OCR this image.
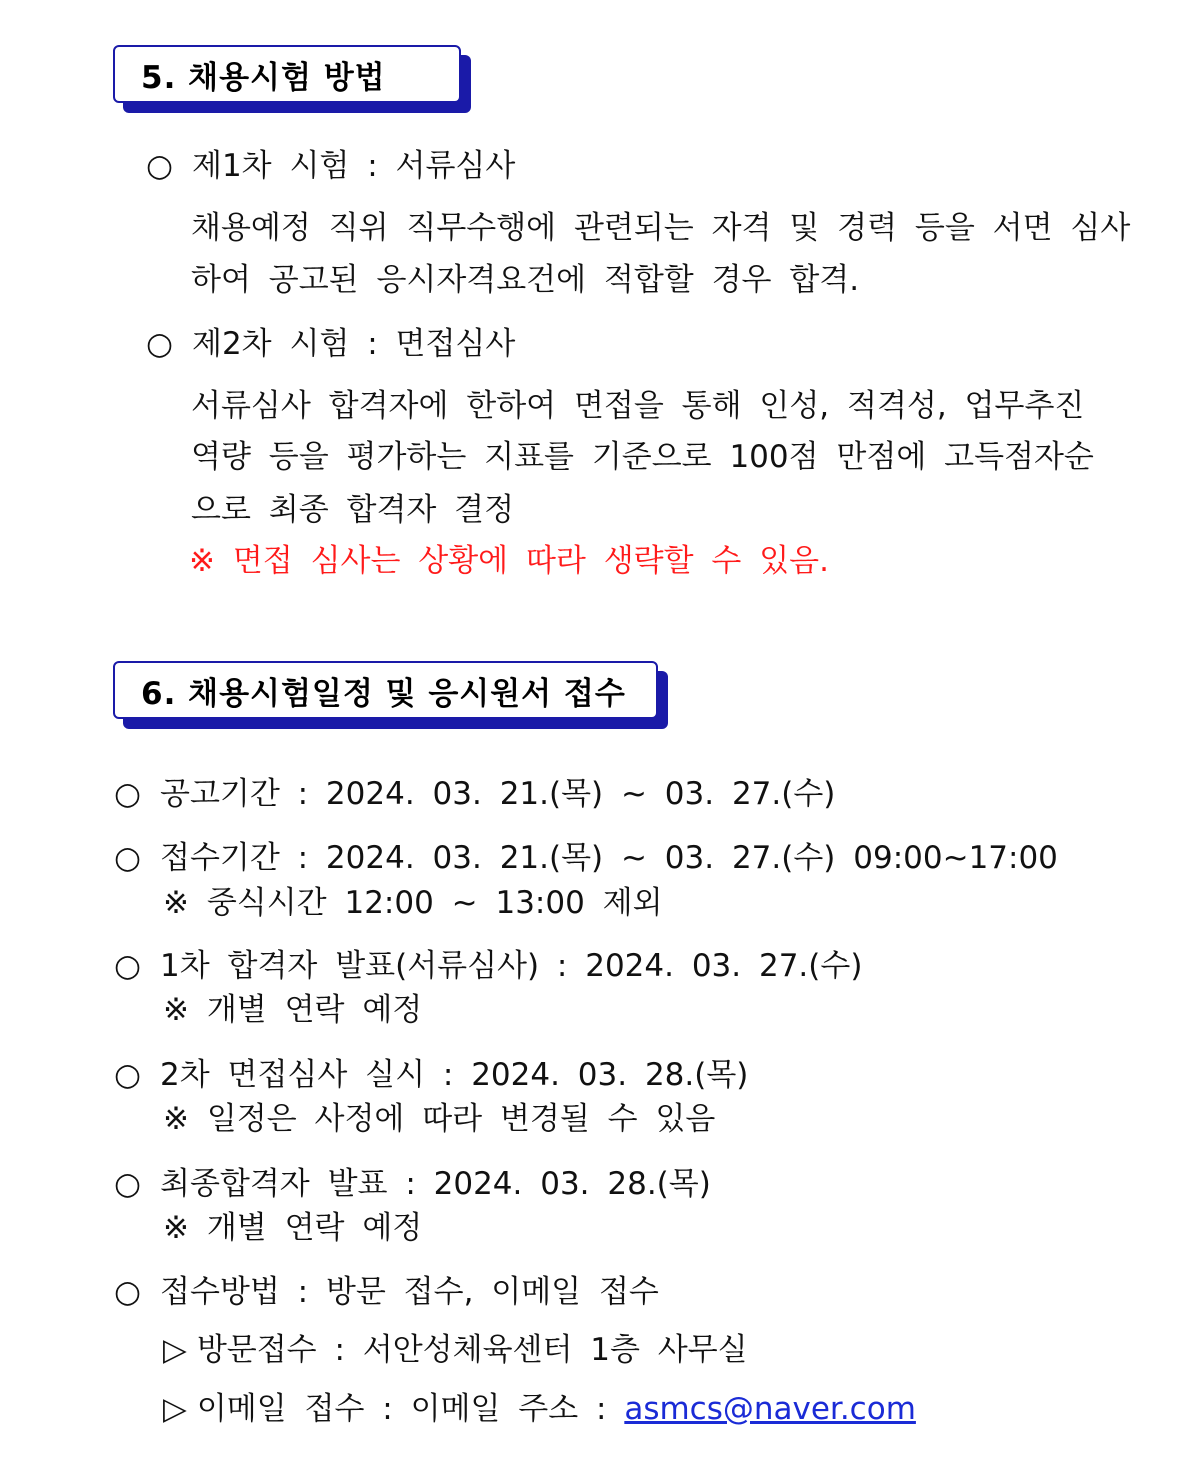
5. 채용시험 방법
○ 제1차 시험 : 서류심사
채용예정 직위 직무수행에 관련되는 자격 및 경력 등을 서면 심사
하여 공고된 응시자격요건에 적합할 경우 합격.
○ 제2차 시험 : 면접심사
서류심사 합격자에 한하여 면접을 통해 인성, 적격성, 업무추진
역량 등을 평가하는 지표를 기준으로 100점 만점에 고득점자순
으로 최종 합격자 결정
※ 면접 심사는 상황에 따라 생략할 수 있음.
6. 채용시험일정 및 응시원서 접수
○ 공고기간 : 2024. 03. 21.(목) ~ 03. 27.(수)
○ 접수기간 : 2024. 03. 21.(목) ~ 03. 27.(수) 09:00~17:00
※ 중식시간 12:00 ~ 13:00 제외
○ 1차 합격자 발표(서류심사) : 2024. 03. 27.(수)
※ 개별 연락 예정
○ 2차 면접심사 실시 : 2024. 03. 28.(목)
※ 일정은 사정에 따라 변경될 수 있음
○ 최종합격자 발표 : 2024. 03. 28.(목)
※ 개별 연락 예정
○ 접수방법 : 방문 접수, 이메일 접수
▷ 방문접수 : 서안성체육센터 1층 사무실
▷ 이메일 접수 : 이메일 주소 : asmcs@naver.com
